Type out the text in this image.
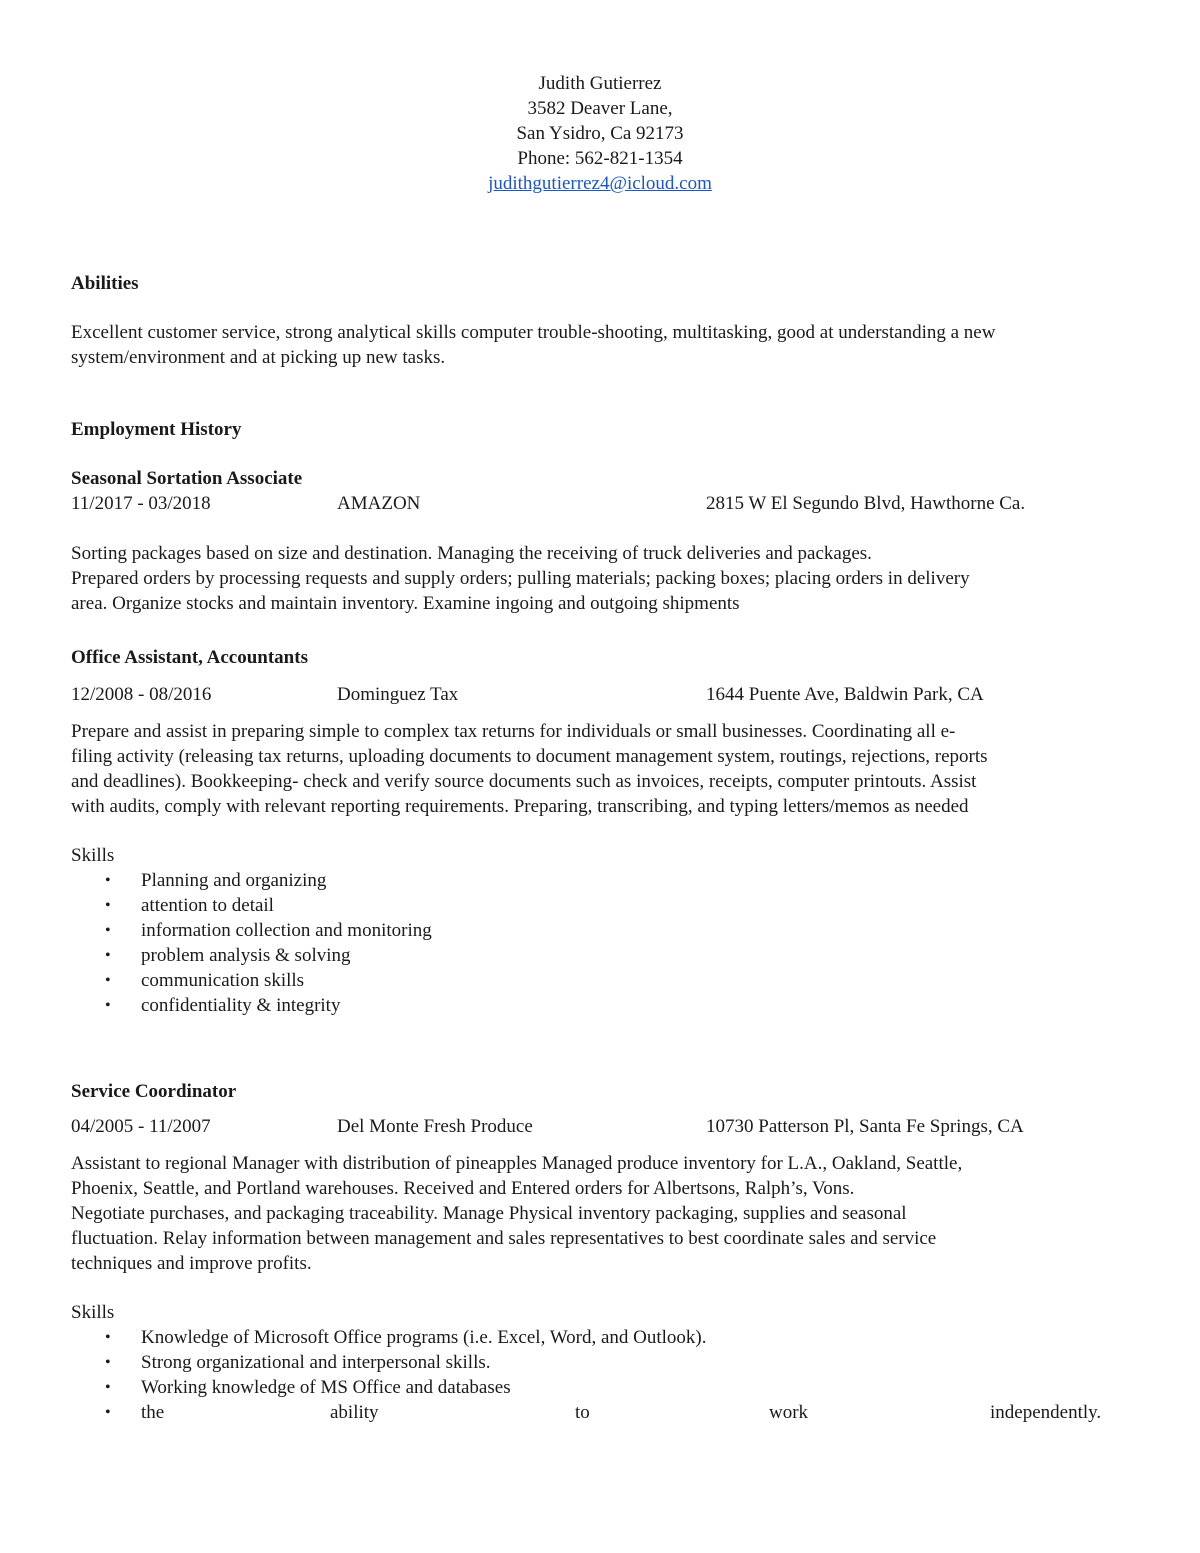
Judith Gutierrez
3582 Deaver Lane,
San Ysidro, Ca 92173
Phone: 562-821-1354
judithgutierrez4@icloud.com
Abilities
Excellent customer service, strong analytical skills computer trouble-shooting, multitasking, good at understanding a new
system/environment and at picking up new tasks.
Employment History
Seasonal Sortation Associate
11/2017 - 03/2018	AMAZON	2815 W El Segundo Blvd, Hawthorne Ca.
Sorting packages based on size and destination. Managing the receiving of truck deliveries and packages.
Prepared orders by processing requests and supply orders; pulling materials; packing boxes; placing orders in delivery
area. Organize stocks and maintain inventory. Examine ingoing and outgoing shipments
Office Assistant, Accountants
12/2008 - 08/2016	Dominguez Tax	1644 Puente Ave, Baldwin Park, CA
Prepare and assist in preparing simple to complex tax returns for individuals or small businesses. Coordinating all e-
filing activity (releasing tax returns, uploading documents to document management system, routings, rejections, reports
and deadlines). Bookkeeping- check and verify source documents such as invoices, receipts, computer printouts. Assist
with audits, comply with relevant reporting requirements. Preparing, transcribing, and typing letters/memos as needed
Skills
• Planning and organizing
• attention to detail
• information collection and monitoring
• problem analysis & solving
• communication skills
• confidentiality & integrity
Service Coordinator
04/2005 - 11/2007	Del Monte Fresh Produce	10730 Patterson Pl, Santa Fe Springs, CA
Assistant to regional Manager with distribution of pineapples Managed produce inventory for L.A., Oakland, Seattle,
Phoenix, Seattle, and Portland warehouses. Received and Entered orders for Albertsons, Ralph’s, Vons.
Negotiate purchases, and packaging traceability. Manage Physical inventory packaging, supplies and seasonal
fluctuation. Relay information between management and sales representatives to best coordinate sales and service
techniques and improve profits.
Skills
• Knowledge of Microsoft Office programs (i.e. Excel, Word, and Outlook).
• Strong organizational and interpersonal skills.
• Working knowledge of MS Office and databases
• the	ability	to	work	independently.
